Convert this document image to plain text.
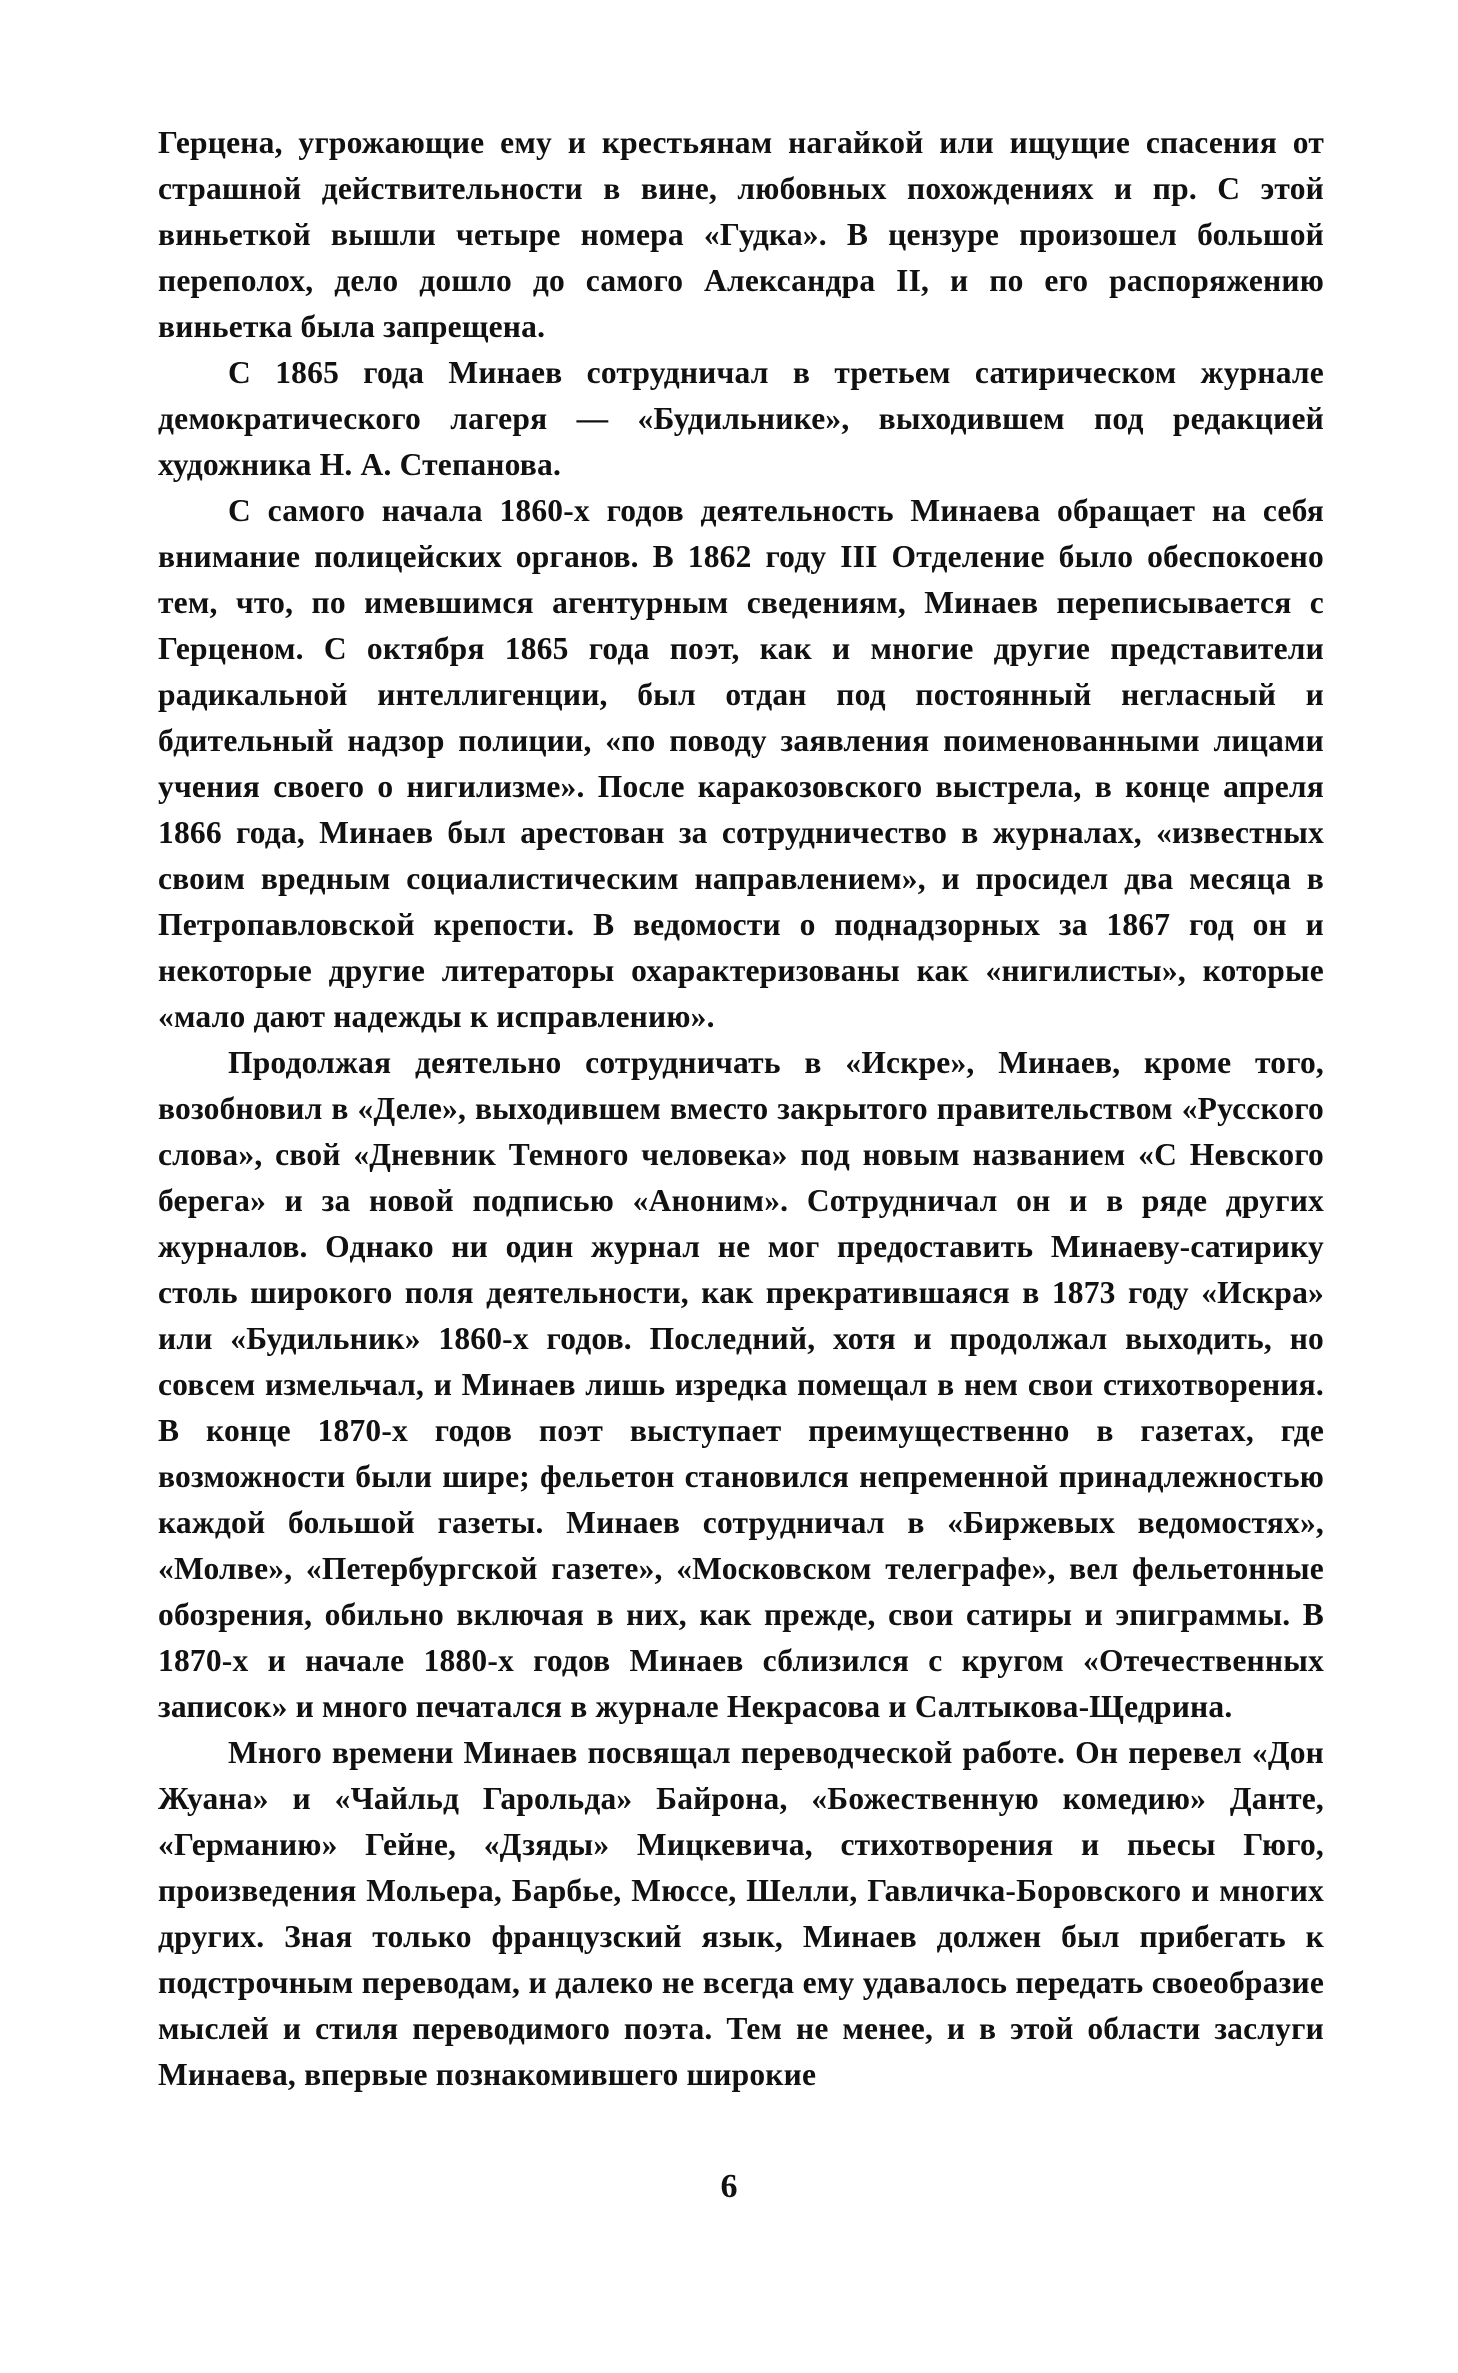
Герцена, угрожающие ему и крестьянам нагайкой или ищущие спасения от страшной действительности в вине, любовных похождениях и пр. С этой виньеткой вышли четыре номера «Гудка». В цензуре произошел большой переполох, дело дошло до самого Александра II, и по его распоряжению виньетка была запрещена.

С 1865 года Минаев сотрудничал в третьем сатирическом журнале демократического лагеря — «Будильнике», выходившем под редакцией художника Н. А. Степанова.

С самого начала 1860-х годов деятельность Минаева обращает на себя внимание полицейских органов. В 1862 году III Отделение было обеспокоено тем, что, по имевшимся агентурным сведениям, Минаев переписывается с Герценом. С октября 1865 года поэт, как и многие другие представители радикальной интеллигенции, был отдан под постоянный негласный и бдительный надзор полиции, «по поводу заявления поименованными лицами учения своего о нигилизме». После каракозовского выстрела, в конце апреля 1866 года, Минаев был арестован за сотрудничество в журналах, «известных своим вредным социалистическим направлением», и просидел два месяца в Петропавловской крепости. В ведомости о поднадзорных за 1867 год он и некоторые другие литераторы охарактеризованы как «нигилисты», которые «мало дают надежды к исправлению».

Продолжая деятельно сотрудничать в «Искре», Минаев, кроме того, возобновил в «Деле», выходившем вместо закрытого правительством «Русского слова», свой «Дневник Темного человека» под новым названием «С Невского берега» и за новой подписью «Аноним». Сотрудничал он и в ряде других журналов. Однако ни один журнал не мог предоставить Минаеву-сатирику столь широкого поля деятельности, как прекратившаяся в 1873 году «Искра» или «Будильник» 1860-х годов. Последний, хотя и продолжал выходить, но совсем измельчал, и Минаев лишь изредка помещал в нем свои стихотворения. В конце 1870-х годов поэт выступает преимущественно в газетах, где возможности были шире; фельетон становился непременной принадлежностью каждой большой газеты. Минаев сотрудничал в «Биржевых ведомостях», «Молве», «Петербургской газете», «Московском телеграфе», вел фельетонные обозрения, обильно включая в них, как прежде, свои сатиры и эпиграммы. В 1870-х и начале 1880-х годов Минаев сблизился с кругом «Отечественных записок» и много печатался в журнале Некрасова и Салтыкова-Щедрина.

Много времени Минаев посвящал переводческой работе. Он перевел «Дон Жуана» и «Чайльд Гарольда» Байрона, «Божественную комедию» Данте, «Германию» Гейне, «Дзяды» Мицкевича, стихотворения и пьесы Гюго, произведения Мольера, Барбье, Мюссе, Шелли, Гавличка-Боровского и многих других. Зная только французский язык, Минаев должен был прибегать к подстрочным переводам, и далеко не всегда ему удавалось передать своеобразие мыслей и стиля переводимого поэта. Тем не менее, и в этой области заслуги Минаева, впервые познакомившего широкие

6
